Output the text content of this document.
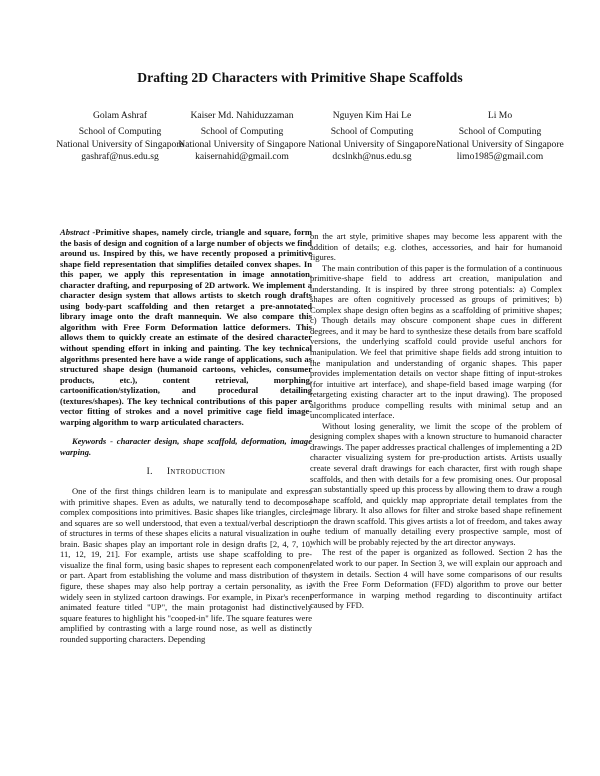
Drafting 2D Characters with Primitive Shape Scaffolds
Golam Ashraf
School of Computing
National University of Singapore
gashraf@nus.edu.sg
Kaiser Md. Nahiduzzaman
School of Computing
National University of Singapore
kaisernahid@gmail.com
Nguyen Kim Hai Le
School of Computing
National University of Singapore
dcslnkh@nus.edu.sg
Li Mo
School of Computing
National University of Singapore
limo1985@gmail.com

Abstract -Primitive shapes, namely circle, triangle and square, form the basis of design and cognition of a large number of objects we find around us. Inspired by this, we have recently proposed a primitive shape field representation that simplifies detailed convex shapes. In this paper, we apply this representation in image annotation, character drafting, and repurposing of 2D artwork. We implement a character design system that allows artists to sketch rough drafts using body-part scaffolding and then retarget a pre-annotated library image onto the draft mannequin. We also compare this algorithm with Free Form Deformation lattice deformers. This allows them to quickly create an estimate of the desired character without spending effort in inking and painting. The key technical algorithms presented here have a wide range of applications, such as structured shape design (humanoid cartoons, vehicles, consumer products, etc.), content retrieval, morphing, cartoonification/stylization, and procedural detailing (textures/shapes). The key technical contributions of this paper are vector fitting of strokes and a novel primitive cage field image-warping algorithm to warp articulated characters.

Keywords - character design, shape scaffold, deformation, image warping.

I. Introduction

One of the first things children learn is to manipulate and express with primitive shapes. Even as adults, we naturally tend to decompose complex compositions into primitives. Basic shapes like triangles, circles and squares are so well understood, that even a textual/verbal description of structures in terms of these shapes elicits a natural visualization in our brain. Basic shapes play an important role in design drafts [2, 4, 7, 10, 11, 12, 19, 21]. For example, artists use shape scaffolding to pre-visualize the final form, using basic shapes to represent each component or part. Apart from establishing the volume and mass distribution of the figure, these shapes may also help portray a certain personality, as is widely seen in stylized cartoon drawings. For example, in Pixar's recent animated feature titled "UP", the main protagonist had distinctively square features to highlight his "cooped-in" life. The square features were amplified by contrasting with a large round nose, as well as distinctly rounded supporting characters. Depending

on the art style, primitive shapes may become less apparent with the addition of details; e.g. clothes, accessories, and hair for humanoid figures.

The main contribution of this paper is the formulation of a continuous primitive-shape field to address art creation, manipulation and understanding. It is inspired by three strong potentials: a) Complex shapes are often cognitively processed as groups of primitives; b) Complex shape design often begins as a scaffolding of primitive shapes; c) Though details may obscure component shape cues in different degrees, and it may be hard to synthesize these details from bare scaffold versions, the underlying scaffold could provide useful anchors for manipulation. We feel that primitive shape fields add strong intuition to the manipulation and understanding of organic shapes. This paper provides implementation details on vector shape fitting of input-strokes (for intuitive art interface), and shape-field based image warping (for retargeting existing character art to the input drawing). The proposed algorithms produce compelling results with minimal setup and an uncomplicated interface.

Without losing generality, we limit the scope of the problem of designing complex shapes with a known structure to humanoid character drawings. The paper addresses practical challenges of implementing a 2D character visualizing system for pre-production artists. Artists usually create several draft drawings for each character, first with rough shape scaffolds, and then with details for a few promising ones. Our proposal can substantially speed up this process by allowing them to draw a rough shape scaffold, and quickly map appropriate detail templates from the image library. It also allows for filter and stroke based shape refinement on the drawn scaffold. This gives artists a lot of freedom, and takes away the tedium of manually detailing every prospective sample, most of which will be probably rejected by the art director anyways.

The rest of the paper is organized as followed. Section 2 has the related work to our paper. In Section 3, we will explain our approach and system in details. Section 4 will have some comparisons of our results with the Free Form Deformation (FFD) algorithm to prove our better performance in warping method regarding to discontinuity artifact caused by FFD.
